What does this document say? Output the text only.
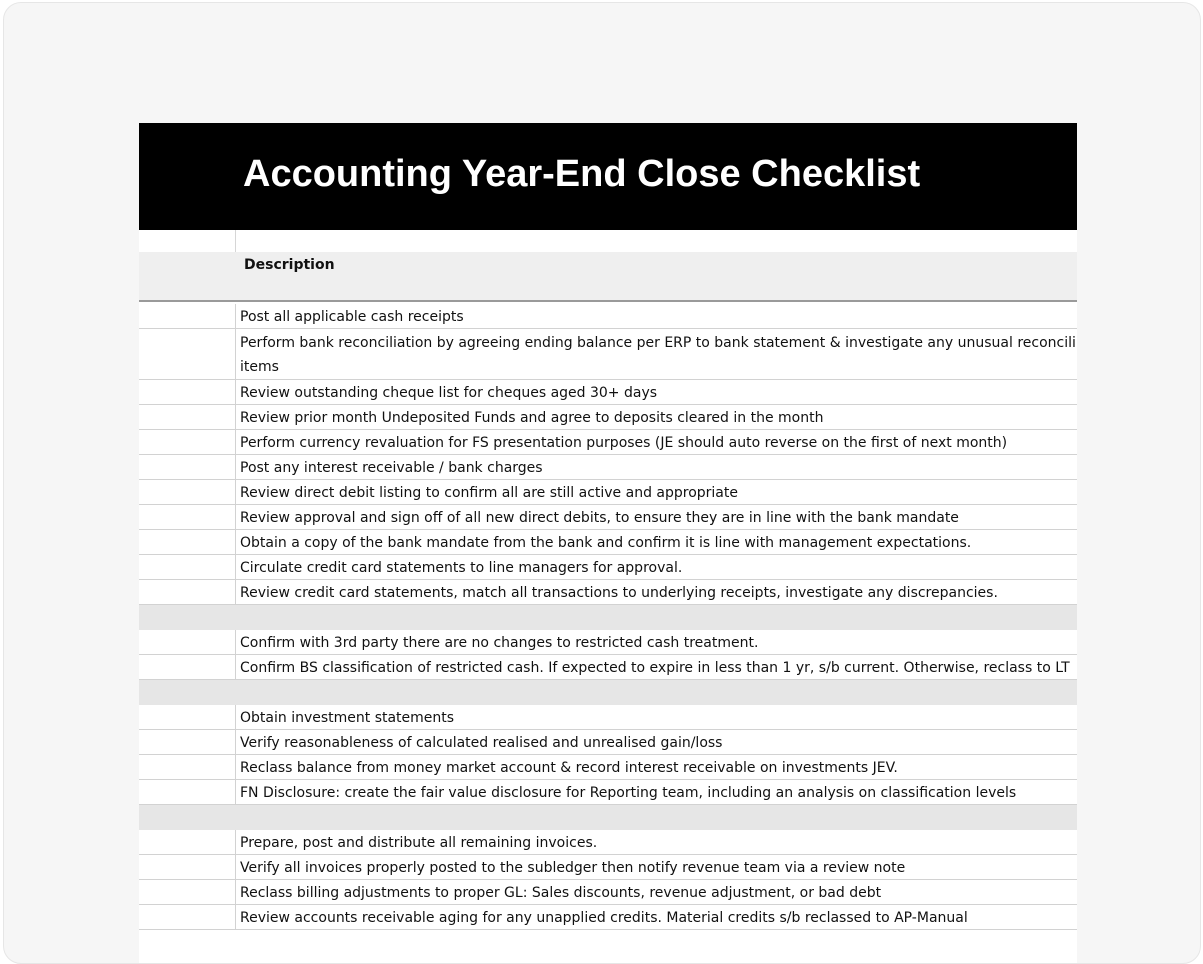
Accounting Year-End Close Checklist
Description
Post all applicable cash receipts
Perform bank reconciliation by agreeing ending balance per ERP to bank statement & investigate any unusual reconcili items
Review outstanding cheque list for cheques aged 30+ days
Review prior month Undeposited Funds and agree to deposits cleared in the month
Perform currency revaluation for FS presentation purposes (JE should auto reverse on the first of next month)
Post any interest receivable / bank charges
Review direct debit listing to confirm all are still active and appropriate
Review approval and sign off of all new direct debits, to ensure they are in line with the bank mandate
Obtain a copy of the bank mandate from the bank and confirm it is line with management expectations.
Circulate credit card statements to line managers for approval.
Review credit card statements, match all transactions to underlying receipts, investigate any discrepancies.
Confirm with 3rd party there are no changes to restricted cash treatment.
Confirm BS classification of restricted cash. If expected to expire in less than 1 yr, s/b current. Otherwise, reclass to LT
Obtain investment statements
Verify reasonableness of calculated realised and unrealised gain/loss
Reclass balance from money market account & record interest receivable on investments JEV.
FN Disclosure: create the fair value disclosure for Reporting team, including an analysis on classification levels
Prepare, post and distribute all remaining invoices.
Verify all invoices properly posted to the subledger then notify revenue team via a review note
Reclass billing adjustments to proper GL: Sales discounts, revenue adjustment, or bad debt
Review accounts receivable aging for any unapplied credits. Material credits s/b reclassed to AP-Manual
